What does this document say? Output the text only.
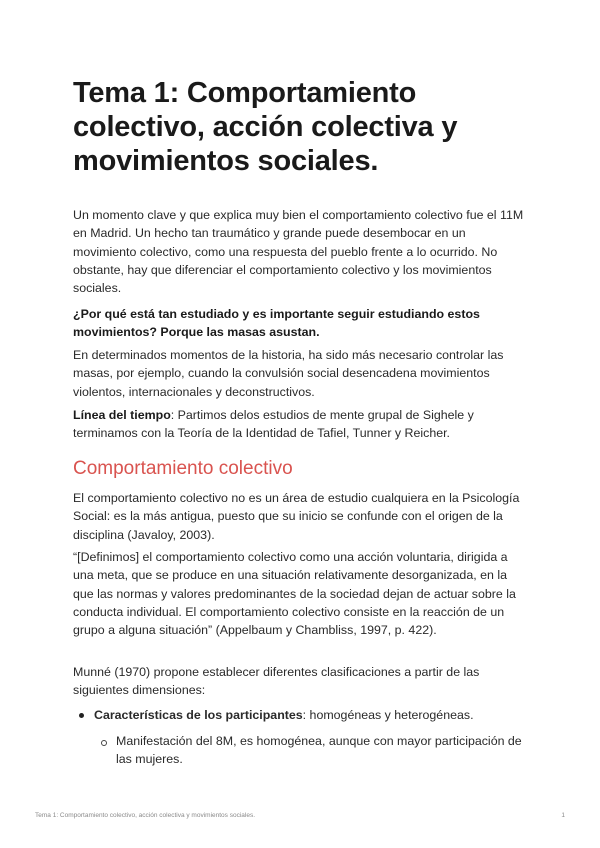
Tema 1: Comportamiento colectivo, acción colectiva y movimientos sociales.

Un momento clave y que explica muy bien el comportamiento colectivo fue el 11M en Madrid. Un hecho tan traumático y grande puede desembocar en un movimiento colectivo, como una respuesta del pueblo frente a lo ocurrido. No obstante, hay que diferenciar el comportamiento colectivo y los movimientos sociales.

¿Por qué está tan estudiado y es importante seguir estudiando estos movimientos? Porque las masas asustan.

En determinados momentos de la historia, ha sido más necesario controlar las masas, por ejemplo, cuando la convulsión social desencadena movimientos violentos, internacionales y deconstructivos.

Línea del tiempo: Partimos delos estudios de mente grupal de Sighele y terminamos con la Teoría de la Identidad de Tafiel, Tunner y Reicher.

Comportamiento colectivo

El comportamiento colectivo no es un área de estudio cualquiera en la Psicología Social: es la más antigua, puesto que su inicio se confunde con el origen de la disciplina (Javaloy, 2003).

“[Definimos] el comportamiento colectivo como una acción voluntaria, dirigida a una meta, que se produce en una situación relativamente desorganizada, en la que las normas y valores predominantes de la sociedad dejan de actuar sobre la conducta individual. El comportamiento colectivo consiste en la reacción de un grupo a alguna situación” (Appelbaum y Chambliss, 1997, p. 422).

Munné (1970) propone establecer diferentes clasificaciones a partir de las siguientes dimensiones:

Características de los participantes: homogéneas y heterogéneas.
Manifestación del 8M, es homogénea, aunque con mayor participación de las mujeres.
Tema 1: Comportamiento colectivo, acción colectiva y movimientos sociales.	1
